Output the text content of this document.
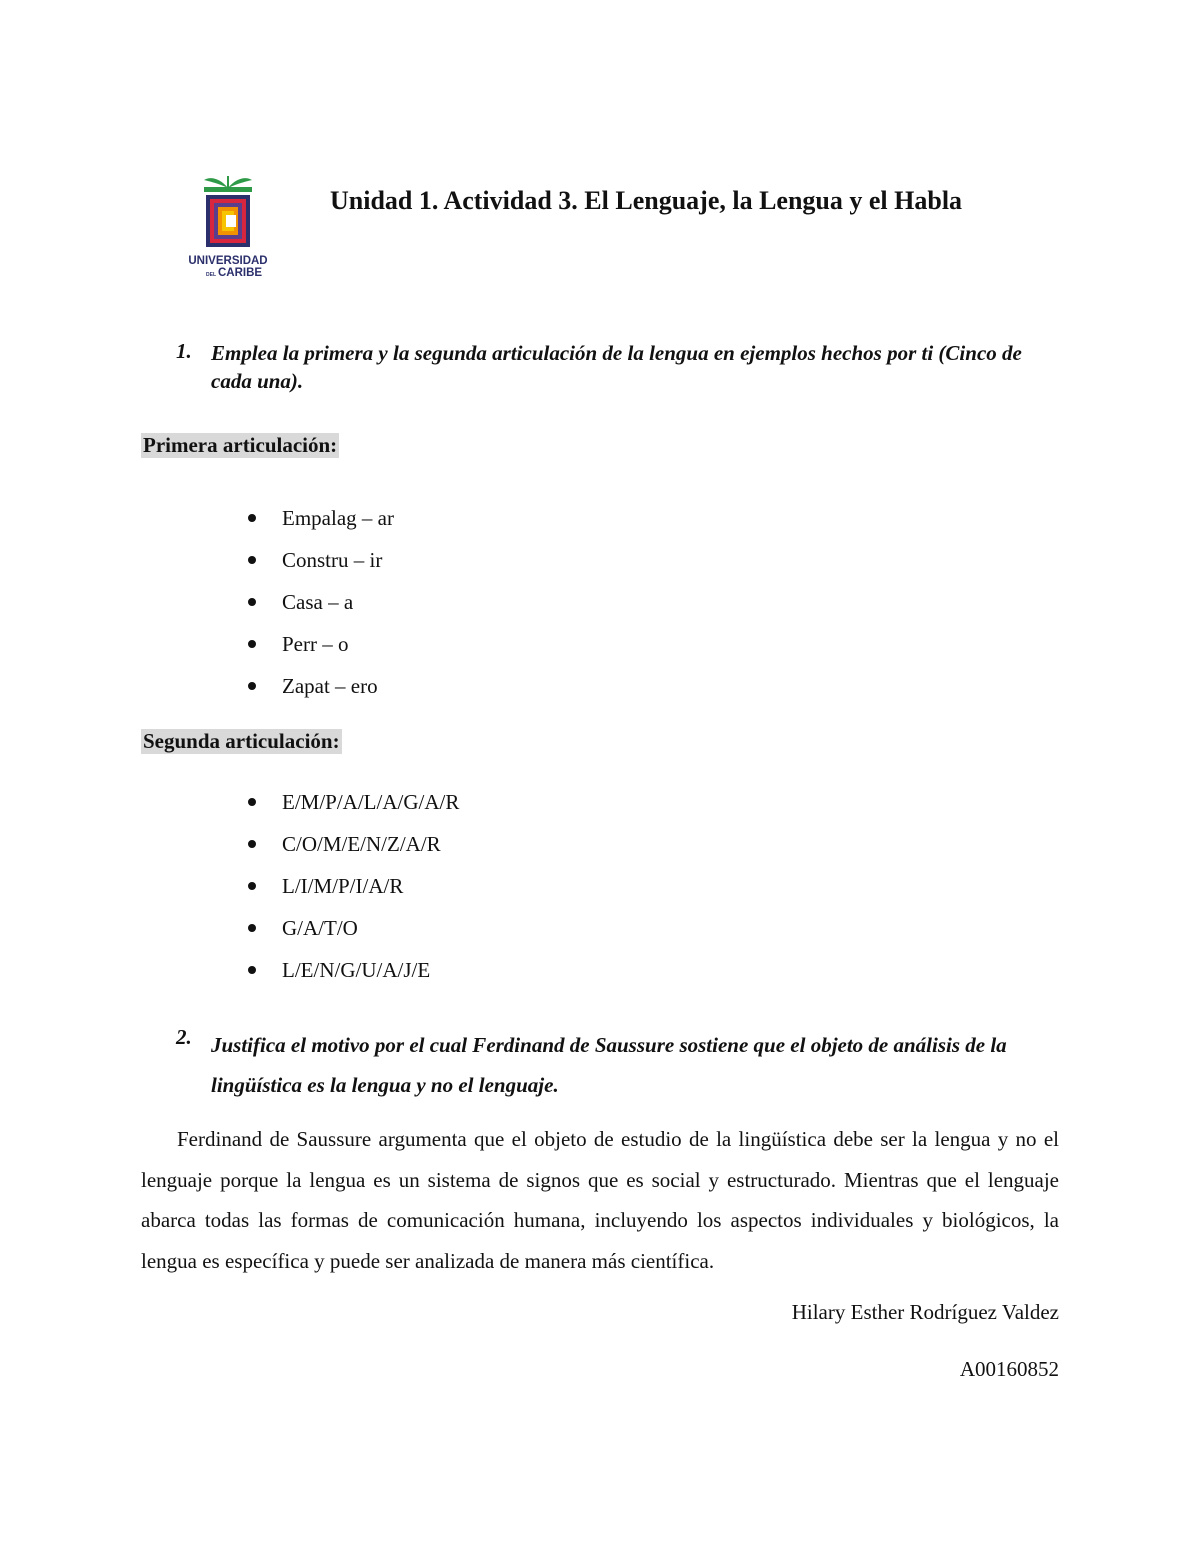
UNIVERSIDAD
DEL CARIBE
Unidad 1. Actividad 3. El Lenguaje, la Lengua y el Habla
1. Emplea la primera y la segunda articulación de la lengua en ejemplos hechos por ti (Cinco de cada una).
Primera articulación:
Empalag – ar
Constru – ir
Casa – a
Perr – o
Zapat – ero
Segunda articulación:
E/M/P/A/L/A/G/A/R
C/O/M/E/N/Z/A/R
L/I/M/P/I/A/R
G/A/T/O
L/E/N/G/U/A/J/E
2. Justifica el motivo por el cual Ferdinand de Saussure sostiene que el objeto de análisis de la lingüística es la lengua y no el lenguaje.

Ferdinand de Saussure argumenta que el objeto de estudio de la lingüística debe ser la lengua y no el lenguaje porque la lengua es un sistema de signos que es social y estructurado. Mientras que el lenguaje abarca todas las formas de comunicación humana, incluyendo los aspectos individuales y biológicos, la lengua es específica y puede ser analizada de manera más científica.

Hilary Esther Rodríguez Valdez
A00160852
